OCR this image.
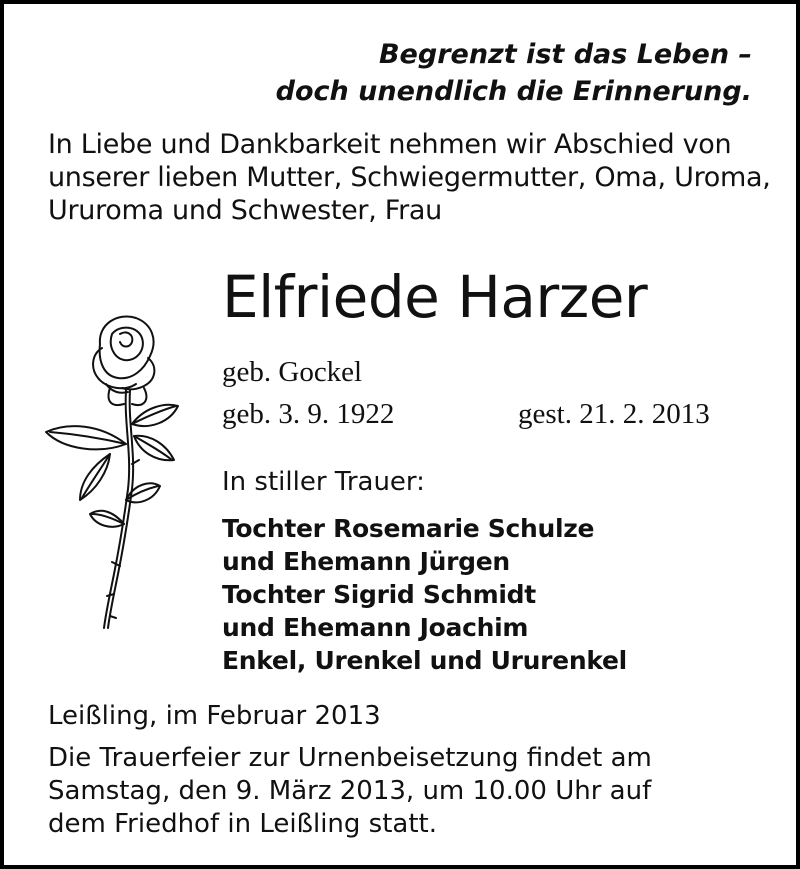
Begrenzt ist das Leben –

doch unendlich die Erinnerung.

In Liebe und Dankbarkeit nehmen wir Abschied von

unserer lieben Mutter, Schwiegermutter, Oma, Uroma,

Ururoma und Schwester, Frau

Elfriede Harzer

geb. Gockel

geb. 3. 9. 1922	gest. 21. 2. 2013

In stiller Trauer:

Tochter Rosemarie Schulze

und Ehemann Jürgen

Tochter Sigrid Schmidt

und Ehemann Joachim

Enkel, Urenkel und Ururenkel

Leißling, im Februar 2013

Die Trauerfeier zur Urnenbeisetzung findet am

Samstag, den 9. März 2013, um 10.00 Uhr auf

dem Friedhof in Leißling statt.
